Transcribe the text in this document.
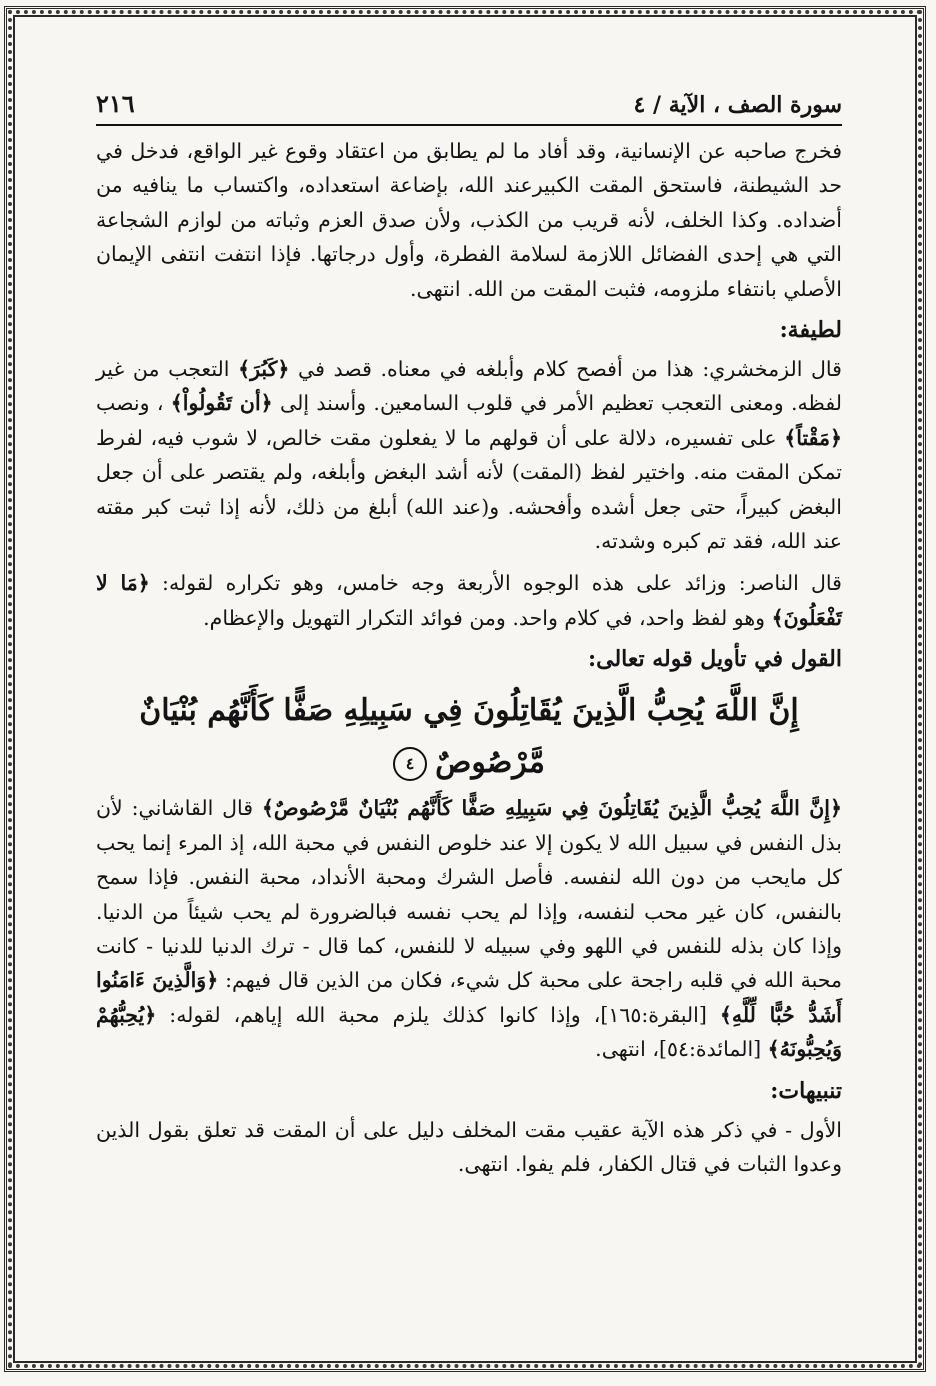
سورة الصف ، الآية / ٤
٢١٦

فخرج صاحبه عن الإنسانية، وقد أفاد ما لم يطابق من اعتقاد وقوع غير الواقع، فدخل في حد الشيطنة، فاستحق المقت الكبيرعند الله، بإضاعة استعداده، واكتساب ما ينافيه من أضداده. وكذا الخلف، لأنه قريب من الكذب، ولأن صدق العزم وثباته من لوازم الشجاعة التي هي إحدى الفضائل اللازمة لسلامة الفطرة، وأول درجاتها. فإذا انتفت انتفى الإيمان الأصلي بانتفاء ملزومه، فثبت المقت من الله. انتهى.

لطيفة:

قال الزمخشري: هذا من أفصح كلام وأبلغه في معناه. قصد في ﴿كَبُرَ﴾ التعجب من غير لفظه. ومعنى التعجب تعظيم الأمر في قلوب السامعين. وأسند إلى ﴿أن تَقُولُواْ﴾ ، ونصب ﴿مَقْتاً﴾ على تفسيره، دلالة على أن قولهم ما لا يفعلون مقت خالص، لا شوب فيه، لفرط تمكن المقت منه. واختير لفظ (المقت) لأنه أشد البغض وأبلغه، ولم يقتصر على أن جعل البغض كبيراً، حتى جعل أشده وأفحشه. و(عند الله) أبلغ من ذلك، لأنه إذا ثبت كبر مقته عند الله، فقد تم كبره وشدته.

قال الناصر: وزائد على هذه الوجوه الأربعة وجه خامس، وهو تكراره لقوله: ﴿مَا لا تَفْعَلُونَ﴾ وهو لفظ واحد، في كلام واحد. ومن فوائد التكرار التهويل والإعظام.

القول في تأويل قوله تعالى:
إِنَّ اللَّهَ يُحِبُّ الَّذِينَ يُقَاتِلُونَ فِي سَبِيلِهِ صَفًّا كَأَنَّهُم بُنْيَانٌ مَّرْصُوصٌ٤

﴿إِنَّ اللَّهَ يُحِبُّ الَّذِينَ يُقَاتِلُونَ فِي سَبِيلِهِ صَفًّا كَأَنَّهُم بُنْيَانٌ مَّرْصُوصٌ﴾ قال القاشاني: لأن بذل النفس في سبيل الله لا يكون إلا عند خلوص النفس في محبة الله، إذ المرء إنما يحب كل مايحب من دون الله لنفسه. فأصل الشرك ومحبة الأنداد، محبة النفس. فإذا سمح بالنفس، كان غير محب لنفسه، وإذا لم يحب نفسه فبالضرورة لم يحب شيئاً من الدنيا. وإذا كان بذله للنفس في اللهو وفي سبيله لا للنفس، كما قال - ترك الدنيا للدنيا - كانت محبة الله في قلبه راجحة على محبة كل شيء، فكان من الذين قال فيهم: ﴿وَالَّذِينَ ءَامَنُوا أَشَدُّ حُبًّا لِّلَّهِ﴾ [البقرة:١٦٥]، وإذا كانوا كذلك يلزم محبة الله إياهم، لقوله: ﴿يُحِبُّهُمْ وَيُحِبُّونَهُ﴾ [المائدة:٥٤]، انتهى.

تنبيهات:

الأول - في ذكر هذه الآية عقيب مقت المخلف دليل على أن المقت قد تعلق بقول الذين وعدوا الثبات في قتال الكفار، فلم يفوا. انتهى.
